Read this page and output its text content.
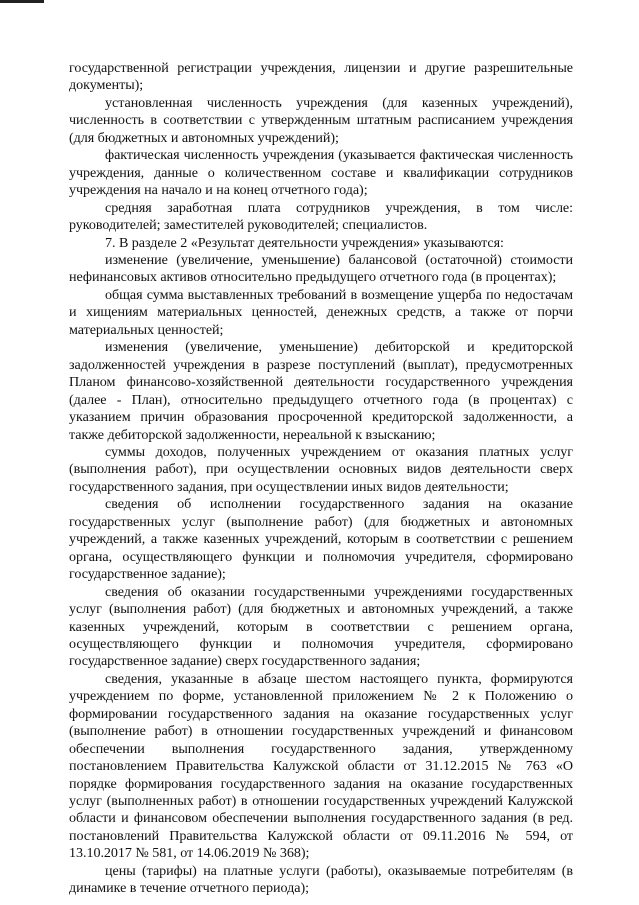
государственной регистрации учреждения, лицензии и другие разрешительные документы);

установленная численность учреждения (для казенных учреждений), численность в соответствии с утвержденным штатным расписанием учреждения (для бюджетных и автономных учреждений);

фактическая численность учреждения (указывается фактическая численность учреждения, данные о количественном составе и квалификации сотрудников учреждения на начало и на конец отчетного года);

средняя заработная плата сотрудников учреждения, в том числе: руководителей; заместителей руководителей; специалистов.

7. В разделе 2 «Результат деятельности учреждения» указываются:

изменение (увеличение, уменьшение) балансовой (остаточной) стоимости нефинансовых активов относительно предыдущего отчетного года (в процентах);

общая сумма выставленных требований в возмещение ущерба по недостачам и хищениям материальных ценностей, денежных средств, а также от порчи материальных ценностей;

изменения (увеличение, уменьшение) дебиторской и кредиторской задолженностей учреждения в разрезе поступлений (выплат), предусмотренных Планом финансово-хозяйственной деятельности государственного учреждения (далее - План), относительно предыдущего отчетного года (в процентах) с указанием причин образования просроченной кредиторской задолженности, а также дебиторской задолженности, нереальной к взысканию;

суммы доходов, полученных учреждением от оказания платных услуг (выполнения работ), при осуществлении основных видов деятельности сверх государственного задания, при осуществлении иных видов деятельности;

сведения об исполнении государственного задания на оказание государственных услуг (выполнение работ) (для бюджетных и автономных учреждений, а также казенных учреждений, которым в соответствии с решением органа, осуществляющего функции и полномочия учредителя, сформировано государственное задание);

сведения об оказании государственными учреждениями государственных услуг (выполнения работ) (для бюджетных и автономных учреждений, а также казенных учреждений, которым в соответствии с решением органа, осуществляющего функции и полномочия учредителя, сформировано государственное задание) сверх государственного задания;

сведения, указанные в абзаце шестом настоящего пункта, формируются учреждением по форме, установленной приложением № 2 к Положению о формировании государственного задания на оказание государственных услуг (выполнение работ) в отношении государственных учреждений и финансовом обеспечении выполнения государственного задания, утвержденному постановлением Правительства Калужской области от 31.12.2015 № 763 «О порядке формирования государственного задания на оказание государственных услуг (выполненных работ) в отношении государственных учреждений Калужской области и финансовом обеспечении выполнения государственного задания (в ред. постановлений Правительства Калужской области от 09.11.2016 № 594, от 13.10.2017 № 581, от 14.06.2019 № 368);

цены (тарифы) на платные услуги (работы), оказываемые потребителям (в динамике в течение отчетного периода);
